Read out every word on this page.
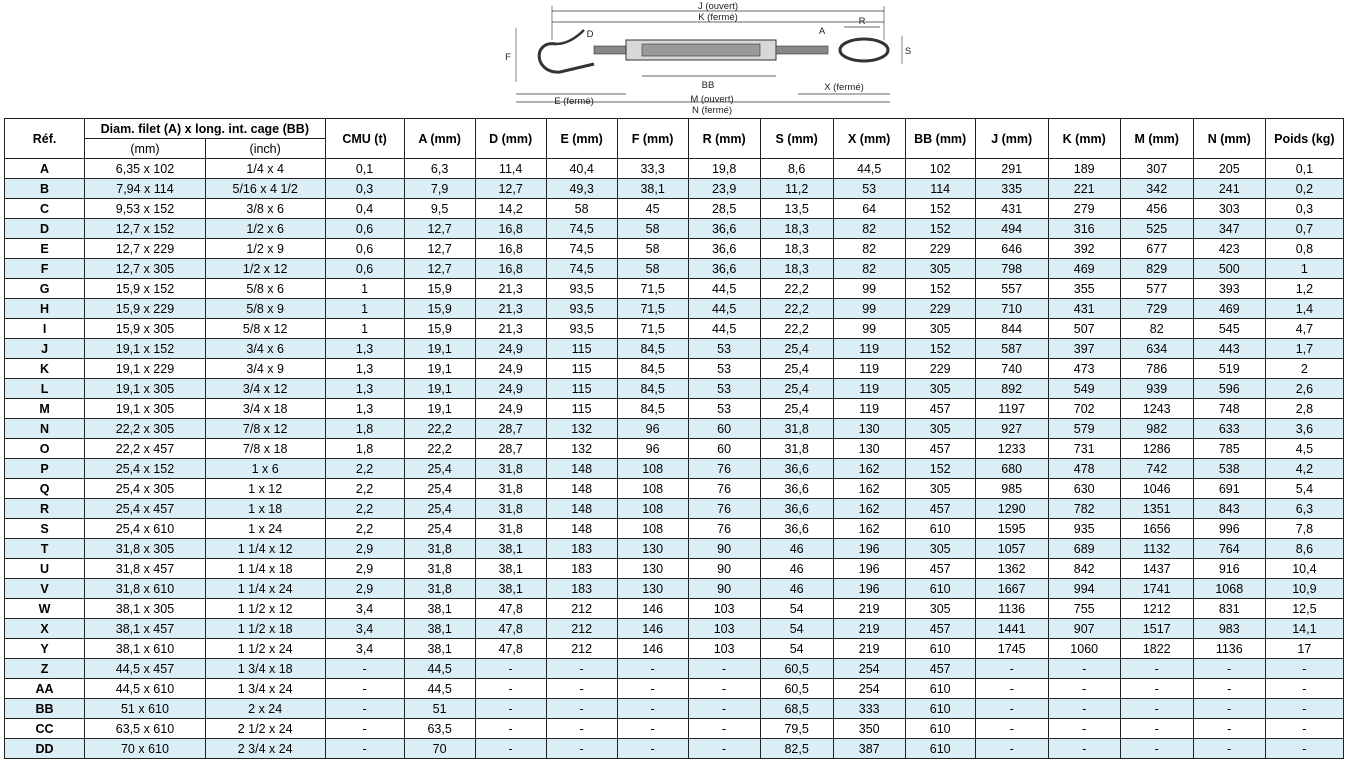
J (ouvert)
K (fermé)	R
F
D
S
A
BB	X (fermé)
E (fermé)	M (ouvert)
N (fermé)
Réf.	Diam. filet (A) x long. int. cage (BB)		CMU (t)	A (mm)	D (mm)	E (mm)	F (mm)	R (mm)	S (mm)	X (mm)	BB (mm)	J (mm)	K (mm)	M (mm)	N (mm)	Poids (kg)
	(mm)	(inch)														
A	6,35 x 102	1/4 x 4	0,1	6,3	11,4	40,4	33,3	19,8	8,6	44,5	102	291	189	307	205	0,1
B	7,94 x 114	5/16 x 4 1/2	0,3	7,9	12,7	49,3	38,1	23,9	11,2	53	114	335	221	342	241	0,2
C	9,53 x 152	3/8 x 6	0,4	9,5	14,2	58	45	28,5	13,5	64	152	431	279	456	303	0,3
D	12,7 x 152	1/2 x 6	0,6	12,7	16,8	74,5	58	36,6	18,3	82	152	494	316	525	347	0,7
E	12,7 x 229	1/2 x 9	0,6	12,7	16,8	74,5	58	36,6	18,3	82	229	646	392	677	423	0,8
F	12,7 x 305	1/2 x 12	0,6	12,7	16,8	74,5	58	36,6	18,3	82	305	798	469	829	500	1
G	15,9 x 152	5/8 x 6	1	15,9	21,3	93,5	71,5	44,5	22,2	99	152	557	355	577	393	1,2
H	15,9 x 229	5/8 x 9	1	15,9	21,3	93,5	71,5	44,5	22,2	99	229	710	431	729	469	1,4
I	15,9 x 305	5/8 x 12	1	15,9	21,3	93,5	71,5	44,5	22,2	99	305	844	507	82	545	4,7
J	19,1 x 152	3/4 x 6	1,3	19,1	24,9	115	84,5	53	25,4	119	152	587	397	634	443	1,7
K	19,1 x 229	3/4 x 9	1,3	19,1	24,9	115	84,5	53	25,4	119	229	740	473	786	519	2
L	19,1 x 305	3/4 x 12	1,3	19,1	24,9	115	84,5	53	25,4	119	305	892	549	939	596	2,6
M	19,1 x 305	3/4 x 18	1,3	19,1	24,9	115	84,5	53	25,4	119	457	1197	702	1243	748	2,8
N	22,2 x 305	7/8 x 12	1,8	22,2	28,7	132	96	60	31,8	130	305	927	579	982	633	3,6
O	22,2 x 457	7/8 x 18	1,8	22,2	28,7	132	96	60	31,8	130	457	1233	731	1286	785	4,5
P	25,4 x 152	1 x 6	2,2	25,4	31,8	148	108	76	36,6	162	152	680	478	742	538	4,2
Q	25,4 x 305	1 x 12	2,2	25,4	31,8	148	108	76	36,6	162	305	985	630	1046	691	5,4
R	25,4 x 457	1 x 18	2,2	25,4	31,8	148	108	76	36,6	162	457	1290	782	1351	843	6,3
S	25,4 x 610	1 x 24	2,2	25,4	31,8	148	108	76	36,6	162	610	1595	935	1656	996	7,8
T	31,8 x 305	1 1/4 x 12	2,9	31,8	38,1	183	130	90	46	196	305	1057	689	1132	764	8,6
U	31,8 x 457	1 1/4 x 18	2,9	31,8	38,1	183	130	90	46	196	457	1362	842	1437	916	10,4
V	31,8 x 610	1 1/4 x 24	2,9	31,8	38,1	183	130	90	46	196	610	1667	994	1741	1068	10,9
W	38,1 x 305	1 1/2 x 12	3,4	38,1	47,8	212	146	103	54	219	305	1136	755	1212	831	12,5
X	38,1 x 457	1 1/2 x 18	3,4	38,1	47,8	212	146	103	54	219	457	1441	907	1517	983	14,1
Y	38,1 x 610	1 1/2 x 24	3,4	38,1	47,8	212	146	103	54	219	610	1745	1060	1822	1136	17
Z	44,5 x 457	1 3/4 x 18	-	44,5	-	-	-	-	60,5	254	457	-	-	-	-	-
AA	44,5 x 610	1 3/4 x 24	-	44,5	-	-	-	-	60,5	254	610	-	-	-	-	-
BB	51 x 610	2 x 24	-	51	-	-	-	-	68,5	333	610	-	-	-	-	-
CC	63,5 x 610	2 1/2 x 24	-	63,5	-	-	-	-	79,5	350	610	-	-	-	-	-
DD	70 x 610	2 3/4 x 24	-	70	-	-	-	-	82,5	387	610	-	-	-	-	-
